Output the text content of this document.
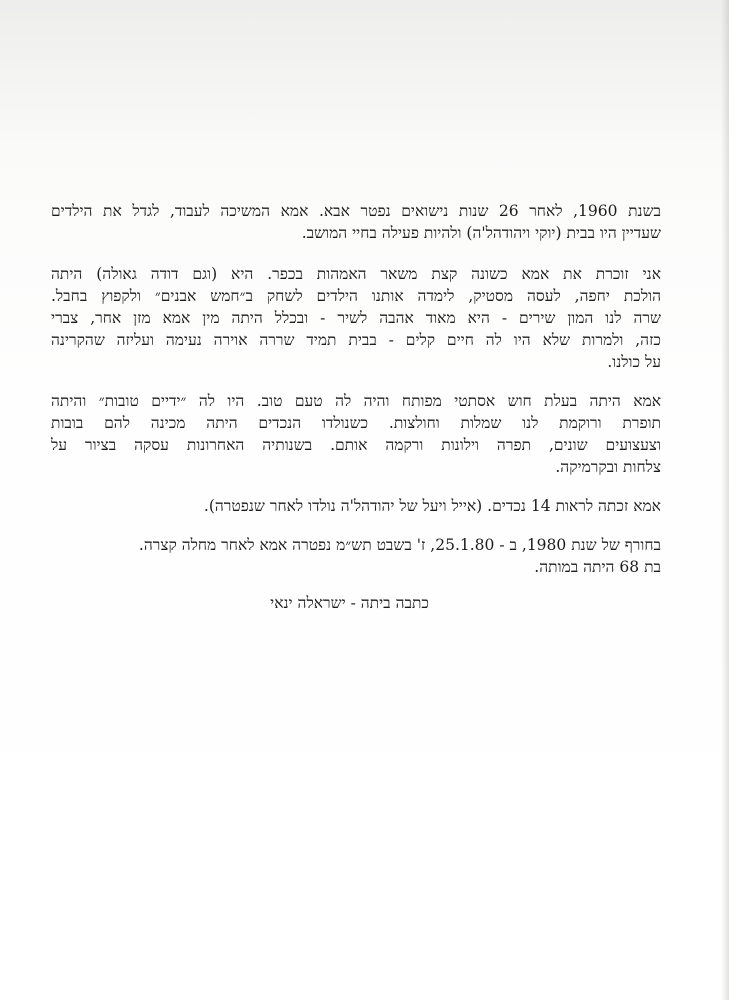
בשנת 1960, לאחר 26 שנות נישואים נפטר אבא. אמא המשיכה לעבוד, לגדל את הילדים
שעדיין היו בבית (יוקי ויהודהל'ה) ולהיות פעילה בחיי המושב.

אני זוכרת את אמא כשונה קצת משאר האמהות בכפר. היא (וגם דודה גאולה) היתה
הולכת יחפה, לעסה מסטיק, לימדה אותנו הילדים לשחק ב״חמש אבנים״ ולקפוץ בחבל.
שרה לנו המון שירים - היא מאוד אהבה לשיר - ובכלל היתה מין אמא מזן אחר, צברי
כזה, ולמרות שלא היו לה חיים קלים - בבית תמיד שררה אוירה נעימה ועליזה שהקרינה
על כולנו.

אמא היתה בעלת חוש אסתטי מפותח והיה לה טעם טוב. היו לה ״ידיים טובות״ והיתה
תופרת ורוקמת לנו שמלות וחולצות. כשנולדו הנכדים היתה מכינה להם בובות
וצעצועים שונים, תפרה וילונות ורקמה אותם. בשנותיה האחרונות עסקה בציור על
צלחות ובקרמיקה.

אמא זכתה לראות 14 נכדים. (אייל ויעל של יהודהל'ה נולדו לאחר שנפטרה).

בחורף של שנת 1980, ב - 25.1.80, ז' בשבט תש״מ נפטרה אמא לאחר מחלה קצרה.
בת 68 היתה במותה.

כתבה ביתה - ישראלה ינאי
